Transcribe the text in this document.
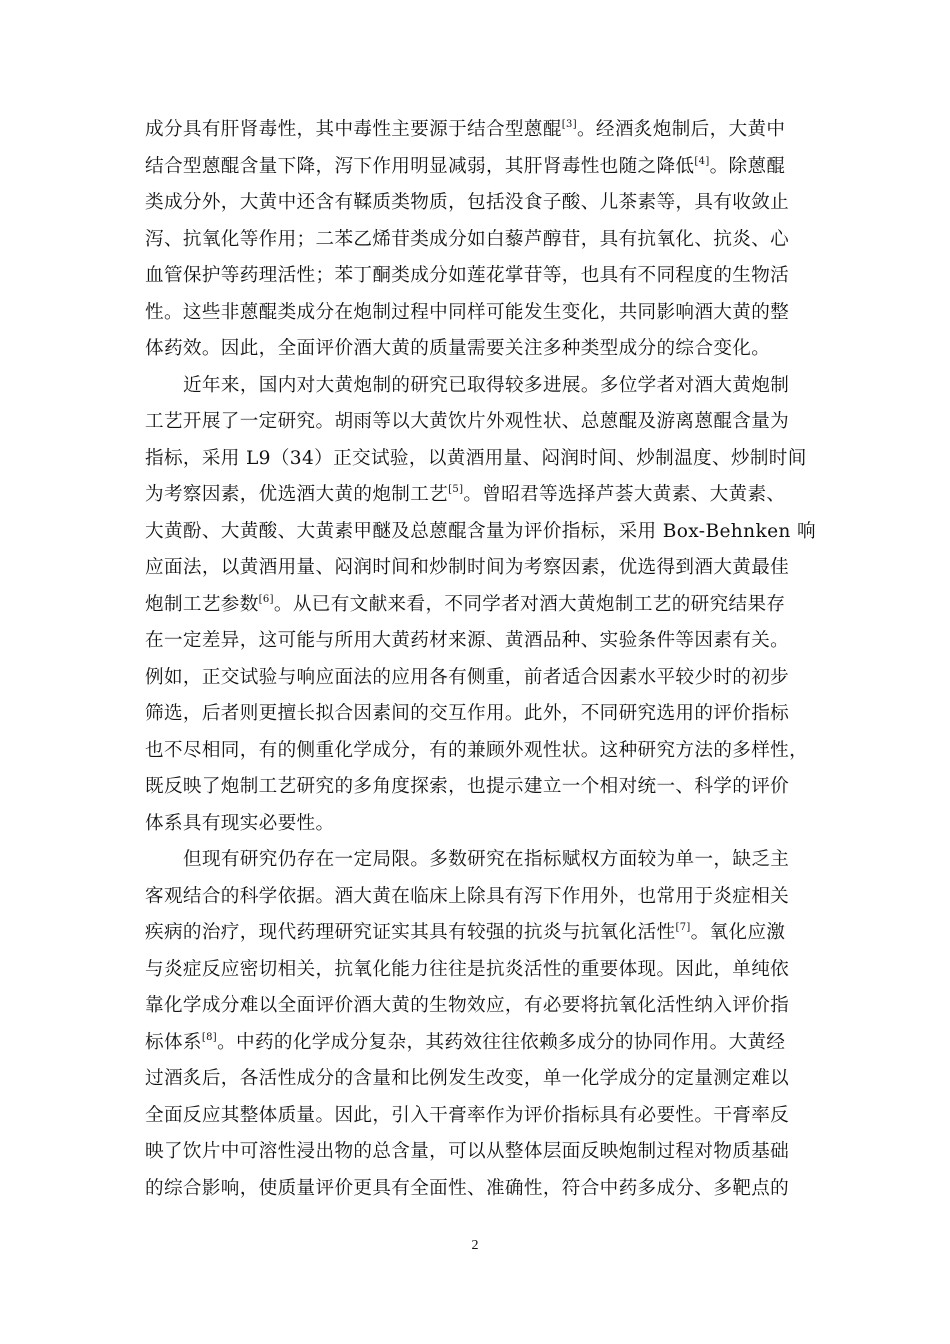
成分具有肝肾毒性，其中毒性主要源于结合型蒽醌[3]。经酒炙炮制后，大黄中
结合型蒽醌含量下降，泻下作用明显减弱，其肝肾毒性也随之降低[4]。除蒽醌
类成分外，大黄中还含有鞣质类物质，包括没食子酸、儿茶素等，具有收敛止
泻、抗氧化等作用；二苯乙烯苷类成分如白藜芦醇苷，具有抗氧化、抗炎、心
血管保护等药理活性；苯丁酮类成分如莲花掌苷等，也具有不同程度的生物活
性。这些非蒽醌类成分在炮制过程中同样可能发生变化，共同影响酒大黄的整
体药效。因此，全面评价酒大黄的质量需要关注多种类型成分的综合变化。

近年来，国内对大黄炮制的研究已取得较多进展。多位学者对酒大黄炮制
工艺开展了一定研究。胡雨等以大黄饮片外观性状、总蒽醌及游离蒽醌含量为
指标，采用 L9（34）正交试验，以黄酒用量、闷润时间、炒制温度、炒制时间
为考察因素，优选酒大黄的炮制工艺[5]。曾昭君等选择芦荟大黄素、大黄素、
大黄酚、大黄酸、大黄素甲醚及总蒽醌含量为评价指标，采用 Box-Behnken 响
应面法，以黄酒用量、闷润时间和炒制时间为考察因素，优选得到酒大黄最佳
炮制工艺参数[6]。从已有文献来看，不同学者对酒大黄炮制工艺的研究结果存
在一定差异，这可能与所用大黄药材来源、黄酒品种、实验条件等因素有关。
例如，正交试验与响应面法的应用各有侧重，前者适合因素水平较少时的初步
筛选，后者则更擅长拟合因素间的交互作用。此外，不同研究选用的评价指标
也不尽相同，有的侧重化学成分，有的兼顾外观性状。这种研究方法的多样性，
既反映了炮制工艺研究的多角度探索，也提示建立一个相对统一、科学的评价
体系具有现实必要性。

但现有研究仍存在一定局限。多数研究在指标赋权方面较为单一，缺乏主
客观结合的科学依据。酒大黄在临床上除具有泻下作用外，也常用于炎症相关
疾病的治疗，现代药理研究证实其具有较强的抗炎与抗氧化活性[7]。氧化应激
与炎症反应密切相关，抗氧化能力往往是抗炎活性的重要体现。因此，单纯依
靠化学成分难以全面评价酒大黄的生物效应，有必要将抗氧化活性纳入评价指
标体系[8]。中药的化学成分复杂，其药效往往依赖多成分的协同作用。大黄经
过酒炙后，各活性成分的含量和比例发生改变，单一化学成分的定量测定难以
全面反应其整体质量。因此，引入干膏率作为评价指标具有必要性。干膏率反
映了饮片中可溶性浸出物的总含量，可以从整体层面反映炮制过程对物质基础
的综合影响，使质量评价更具有全面性、准确性，符合中药多成分、多靶点的

2
